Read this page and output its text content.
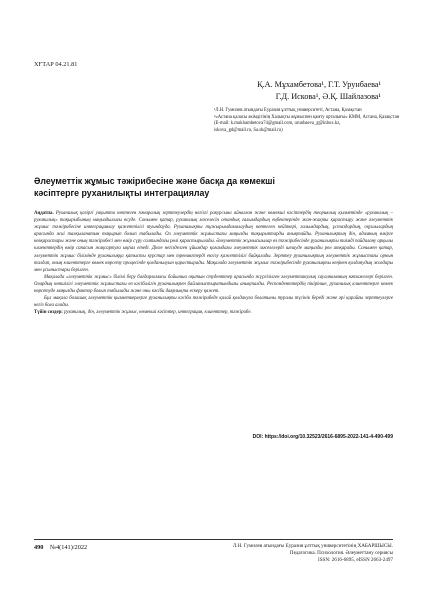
ХҒТАР 04.21.81
Қ.А. Мұхамбетова¹, Г.Т. Урунбаева¹
Г.Д. Искова¹, Ә.Қ. Шайлазова¹
¹Л.Н. Гумилев атындағы Еуразия ұлттық университеті, Астана, Қазақстан
²«Астана қаласы әкімдігінің Халықты жұмыспен қамту орталығы» КММ, Астана, Қазақстан
(E-mail: k.mukhambetova74@gmail.com, urunbaeva_g@inbox.kz,
iskova_gd@mail.ru, Sa.sh@mail.ru)
Әлеуметтік жұмыс тәжірибесіне және басқа да көмекші
кәсіптерге руханилықты интеграциялау

Аңдатпа. Руханилық қазіргі уақытта көптеген пәнаралық зерттеулердің негізгі ракурсына айналған және көмекші кәсіптердің теориялық қызметінде «руханилық – руханилық» тақырыбының маңыздылығы өсуде. Сонымен қатар, руханилық мәселесін отандық ғалымдардың еңбектерінде жан-жақты қарастыру және әлеуметтік жұмыс тәжірибесіне интеграциялау қажеттілігі туындауда. Руханилықты тұжырымдамалаудың көптеген кейіпкері, ғалымдардың, ұстаздардың, оқушылардың арасында жиі талқыланатын тақырып болып табылады. Ол әлеуметтік жұмыстағы маңызды тақырыптарды анықтайды. Руханилықтың дін, адамның өмірге көзқарастары және оның тәжірибесі мен өмір сүру салтындағы рөлі қарастырылады. Әлеуметтік жұмысшылар өз тәжірибесінде руханилықты тиімді пайдалану арқылы клиенттердің өмір сапасын жақсартуға ықпал етеді. Дінге негізделген ұйымдар қоғамдағы әлеуметтік мәселелерді шешуде маңызды рөл атқарады. Сонымен қатар, әлеуметтік жұмыс білімінде руханилыққа қатысты курстар мен тренингтерді енгізу қажеттілігі байқалады. Зерттеу руханилықтың әлеуметтік жұмыстағы орнын талдап, оның клиенттерге көмек көрсету процесінде қолданылуын қарастырады. Мақалада әлеуметтік жұмыс тәжірибесінде руханилықты кеңінен қолданудың жолдары мен ұсыныстары берілген.

Мақалада «әлеуметтік жұмыс» білімі беру бағдарламасы бойынша оқитын студенттер арасында жүргізілген әлеуметтанулық сауалнаманың нәтижелері берілген. Олардың көпшілігі әлеуметтік жұмыстағы өз кәсібилігін руханилықпен байланыстыратындығы анықталды. Респонденттердің пікірінше, руханилық клиенттерге көмек көрсетуде маңызды фактор болып табылады және оны кәсіби даярлықта ескеру қажет.

Бұл мақала болашақ әлеуметтік қызметкерлерге руханилықты кәсіби тәжірибеде қалай қолдануға болатыны туралы түсінік береді және әрі қарайғы зерттеулерге негіз бола алады.

Түйін сөздер: руханилық, дін, әлеуметтік жұмыс, көмекші кәсіптер, интеграция, клиенттер, тәжірибе.

DOI: https://doi.org/10.32523/2616-6895-2022-141-4-490-499
490 №4(141)/2022	Л.Н. Гумилев атындағы Еуразия ұлттық университетінің ХАБАРШЫСЫ.
Педагогика. Психология. Әлеуметтану сериясы
ISSN: 2616-6895, eISSN 2663-2497
